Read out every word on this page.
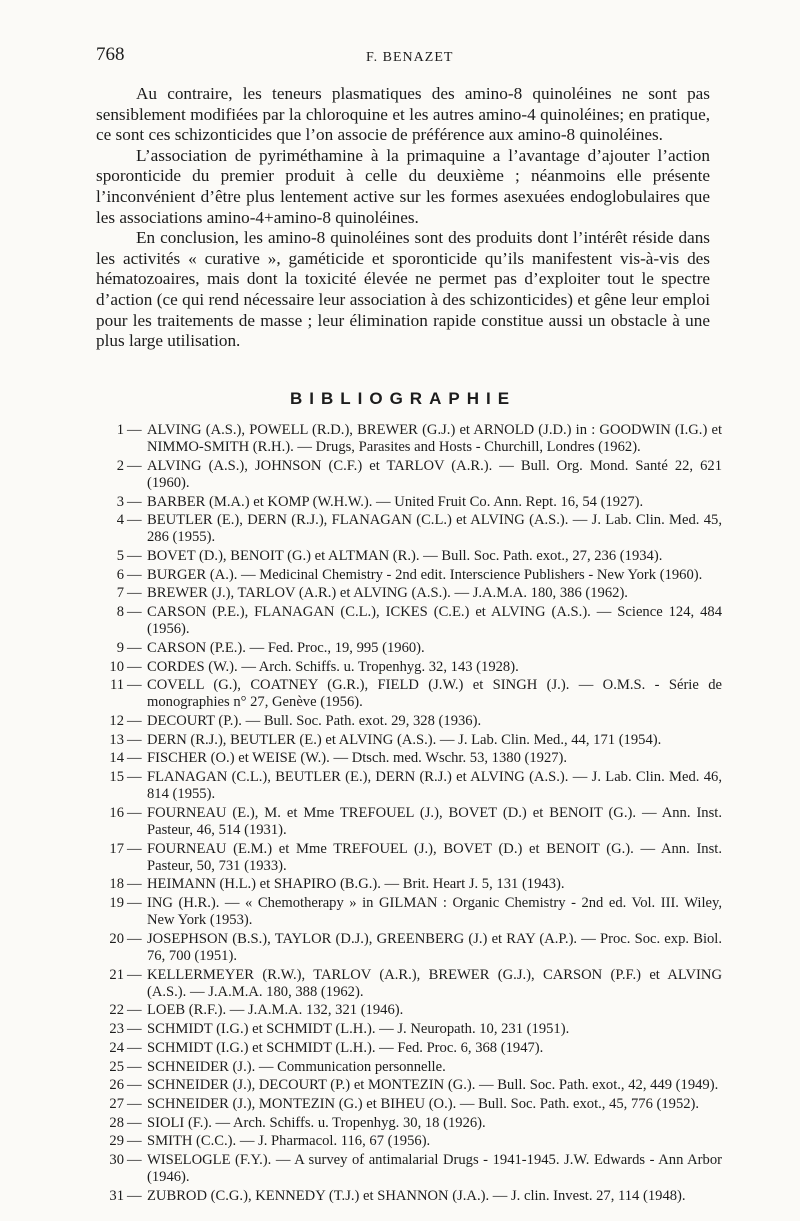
768	F. BENAZET

Au contraire, les teneurs plasmatiques des amino-8 quinoléines ne sont pas sensiblement modifiées par la chloroquine et les autres amino-4 quinoléines; en pratique, ce sont ces schizonticides que l’on associe de préférence aux amino-8 quinoléines.

L’association de pyriméthamine à la primaquine a l’avantage d’ajouter l’action sporonticide du premier produit à celle du deuxième ; néanmoins elle présente l’inconvénient d’être plus lentement active sur les formes asexuées endoglobulaires que les associations amino-4+amino-8 quinoléines.

En conclusion, les amino-8 quinoléines sont des produits dont l’intérêt réside dans les activités « curative », gaméticide et sporonticide qu’ils manifestent vis-à-vis des hématozoaires, mais dont la toxicité élevée ne permet pas d’exploiter tout le spectre d’action (ce qui rend nécessaire leur association à des schizonticides) et gêne leur emploi pour les traitements de masse ; leur élimination rapide constitue aussi un obstacle à une plus large utilisation.

BIBLIOGRAPHIE
1 — ALVING (A.S.), POWELL (R.D.), BREWER (G.J.) et ARNOLD (J.D.) in : GOODWIN (I.G.) et NIMMO-SMITH (R.H.). — Drugs, Parasites and Hosts - Churchill, Londres (1962).
2 — ALVING (A.S.), JOHNSON (C.F.) et TARLOV (A.R.). — Bull. Org. Mond. Santé 22, 621 (1960).
3 — BARBER (M.A.) et KOMP (W.H.W.). — United Fruit Co. Ann. Rept. 16, 54 (1927).
4 — BEUTLER (E.), DERN (R.J.), FLANAGAN (C.L.) et ALVING (A.S.). — J. Lab. Clin. Med. 45, 286 (1955).
5 — BOVET (D.), BENOIT (G.) et ALTMAN (R.). — Bull. Soc. Path. exot., 27, 236 (1934).
6 — BURGER (A.). — Medicinal Chemistry - 2nd edit. Interscience Publishers - New York (1960).
7 — BREWER (J.), TARLOV (A.R.) et ALVING (A.S.). — J.A.M.A. 180, 386 (1962).
8 — CARSON (P.E.), FLANAGAN (C.L.), ICKES (C.E.) et ALVING (A.S.). — Science 124, 484 (1956).
9 — CARSON (P.E.). — Fed. Proc., 19, 995 (1960).
10 — CORDES (W.). — Arch. Schiffs. u. Tropenhyg. 32, 143 (1928).
11 — COVELL (G.), COATNEY (G.R.), FIELD (J.W.) et SINGH (J.). — O.M.S. - Série de monographies n° 27, Genève (1956).
12 — DECOURT (P.). — Bull. Soc. Path. exot. 29, 328 (1936).
13 — DERN (R.J.), BEUTLER (E.) et ALVING (A.S.). — J. Lab. Clin. Med., 44, 171 (1954).
14 — FISCHER (O.) et WEISE (W.). — Dtsch. med. Wschr. 53, 1380 (1927).
15 — FLANAGAN (C.L.), BEUTLER (E.), DERN (R.J.) et ALVING (A.S.). — J. Lab. Clin. Med. 46, 814 (1955).
16 — FOURNEAU (E.), M. et Mme TREFOUEL (J.), BOVET (D.) et BENOIT (G.). — Ann. Inst. Pasteur, 46, 514 (1931).
17 — FOURNEAU (E.M.) et Mme TREFOUEL (J.), BOVET (D.) et BENOIT (G.). — Ann. Inst. Pasteur, 50, 731 (1933).
18 — HEIMANN (H.L.) et SHAPIRO (B.G.). — Brit. Heart J. 5, 131 (1943).
19 — ING (H.R.). — « Chemotherapy » in GILMAN : Organic Chemistry - 2nd ed. Vol. III. Wiley, New York (1953).
20 — JOSEPHSON (B.S.), TAYLOR (D.J.), GREENBERG (J.) et RAY (A.P.). — Proc. Soc. exp. Biol. 76, 700 (1951).
21 — KELLERMEYER (R.W.), TARLOV (A.R.), BREWER (G.J.), CARSON (P.F.) et ALVING (A.S.). — J.A.M.A. 180, 388 (1962).
22 — LOEB (R.F.). — J.A.M.A. 132, 321 (1946).
23 — SCHMIDT (I.G.) et SCHMIDT (L.H.). — J. Neuropath. 10, 231 (1951).
24 — SCHMIDT (I.G.) et SCHMIDT (L.H.). — Fed. Proc. 6, 368 (1947).
25 — SCHNEIDER (J.). — Communication personnelle.
26 — SCHNEIDER (J.), DECOURT (P.) et MONTEZIN (G.). — Bull. Soc. Path. exot., 42, 449 (1949).
27 — SCHNEIDER (J.), MONTEZIN (G.) et BIHEU (O.). — Bull. Soc. Path. exot., 45, 776 (1952).
28 — SIOLI (F.). — Arch. Schiffs. u. Tropenhyg. 30, 18 (1926).
29 — SMITH (C.C.). — J. Pharmacol. 116, 67 (1956).
30 — WISELOGLE (F.Y.). — A survey of antimalarial Drugs - 1941-1945. J.W. Edwards - Ann Arbor (1946).
31 — ZUBROD (C.G.), KENNEDY (T.J.) et SHANNON (J.A.). — J. clin. Invest. 27, 114 (1948).
